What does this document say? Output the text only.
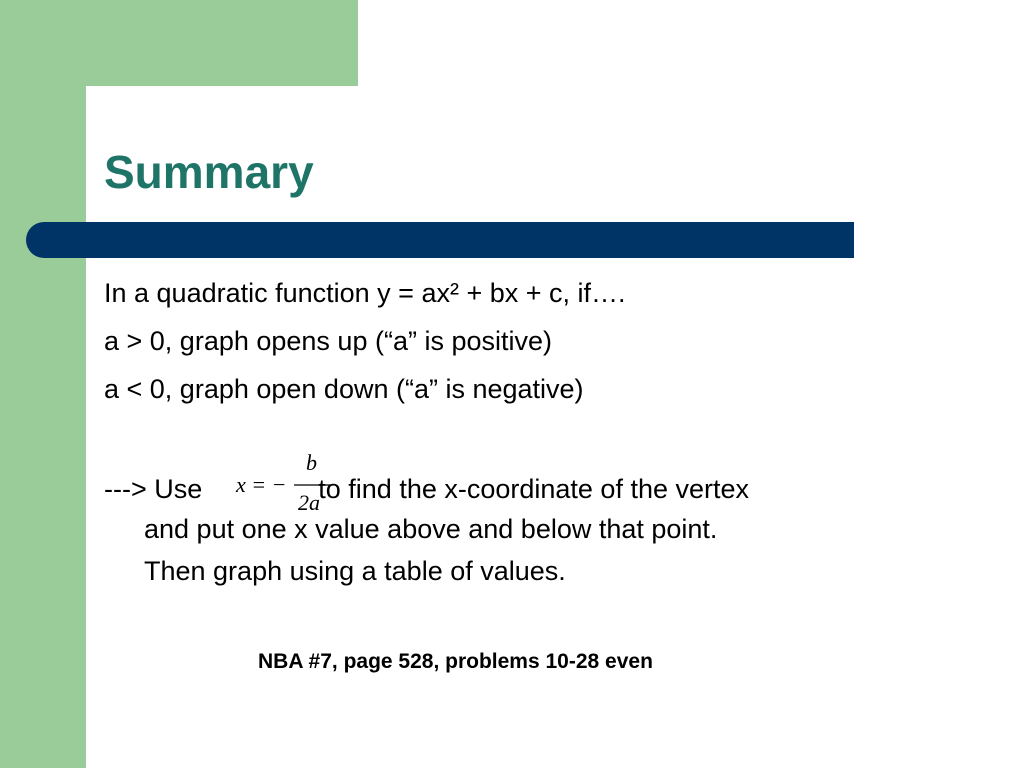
Summary
In a quadratic function y = ax² + bx + c, if….
a > 0, graph opens up (“a” is positive)
a < 0, graph open down (“a” is negative)
---> Use	to find the x-coordinate of the vertex
x = −
b
2a
and put one x value above and below that point.
Then graph using a table of values.
NBA #7, page 528, problems 10-28 even
